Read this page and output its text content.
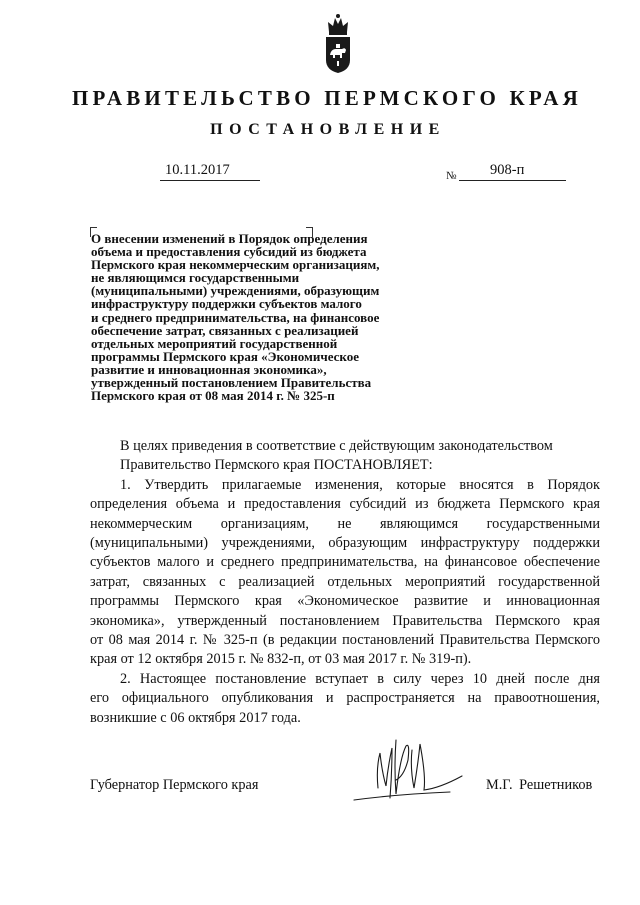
ПРАВИТЕЛЬСТВО ПЕРМСКОГО КРАЯ
ПОСТАНОВЛЕНИЕ
10.11.2017	№ 908-п
О внесении изменений в Порядок определения
объема и предоставления субсидий из бюджета
Пермского края некоммерческим организациям,
не являющимся государственными
(муниципальными) учреждениями, образующим
инфраструктуру поддержки субъектов малого
и среднего предпринимательства, на финансовое
обеспечение затрат, связанных с реализацией
отдельных мероприятий государственной
программы Пермского края «Экономическое
развитие и инновационная экономика»,
утвержденный постановлением Правительства
Пермского края от 08 мая 2014 г. № 325-п
В целях приведения в соответствие с действующим законодательством
Правительство Пермского края ПОСТАНОВЛЯЕТ:
1. Утвердить прилагаемые изменения, которые вносятся в Порядок
определения объема и предоставления субсидий из бюджета Пермского края
некоммерческим организациям, не являющимся государственными
(муниципальными) учреждениями, образующим инфраструктуру поддержки
субъектов малого и среднего предпринимательства, на финансовое обеспечение
затрат, связанных с реализацией отдельных мероприятий государственной
программы Пермского края «Экономическое развитие и инновационная
экономика», утвержденный постановлением Правительства Пермского края
от 08 мая 2014 г. № 325-п (в редакции постановлений Правительства Пермского
края от 12 октября 2015 г. № 832-п, от 03 мая 2017 г. № 319-п).
2. Настоящее постановление вступает в силу через 10 дней после дня
его официального опубликования и распространяется на правоотношения,
возникшие с 06 октября 2017 года.
Губернатор Пермского края	М.Г. Решетников
